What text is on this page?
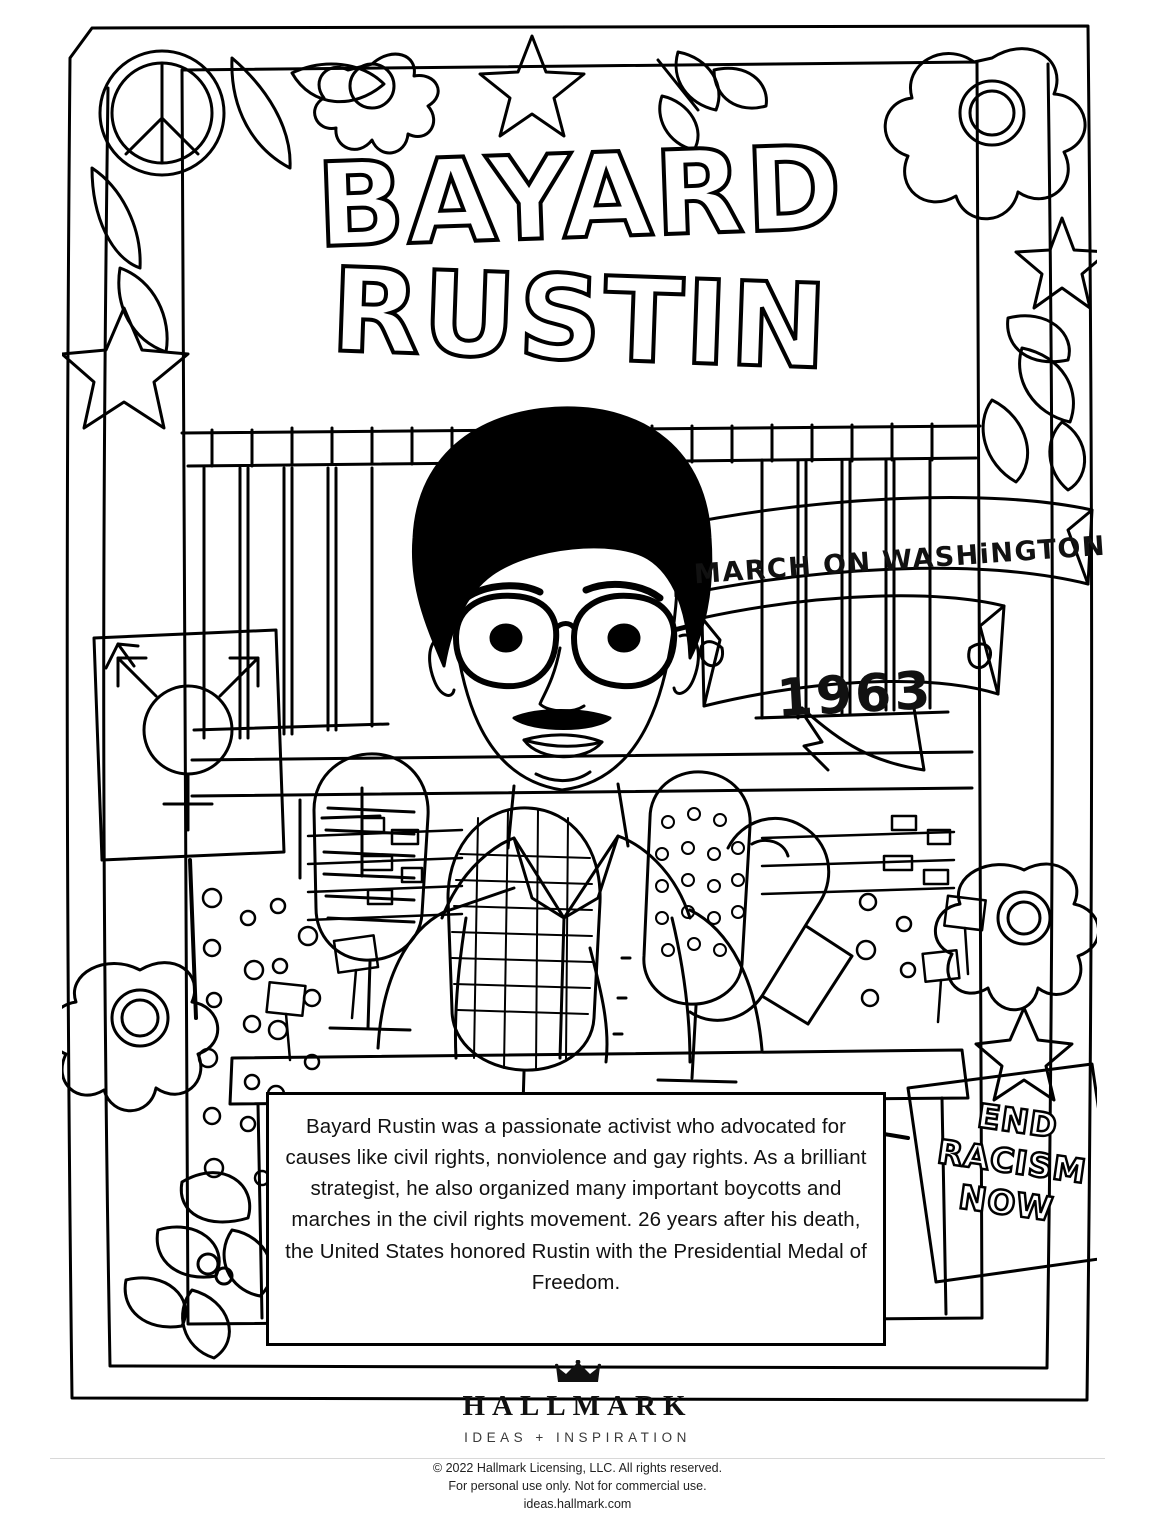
BAYARD
RUSTIN
MARCH ON WASHiNGTON
1963
END RACISM NOW
Bayard Rustin was a passionate activist who advocated for causes like civil rights, nonviolence and gay rights. As a brilliant strategist, he also organized many important boycotts and marches in the civil rights movement. 26 years after his death, the United States honored Rustin with the Presidential Medal of Freedom.
HALLMARK
IDEAS + INSPIRATION
© 2022 Hallmark Licensing, LLC. All rights reserved.
For personal use only. Not for commercial use.
ideas.hallmark.com
